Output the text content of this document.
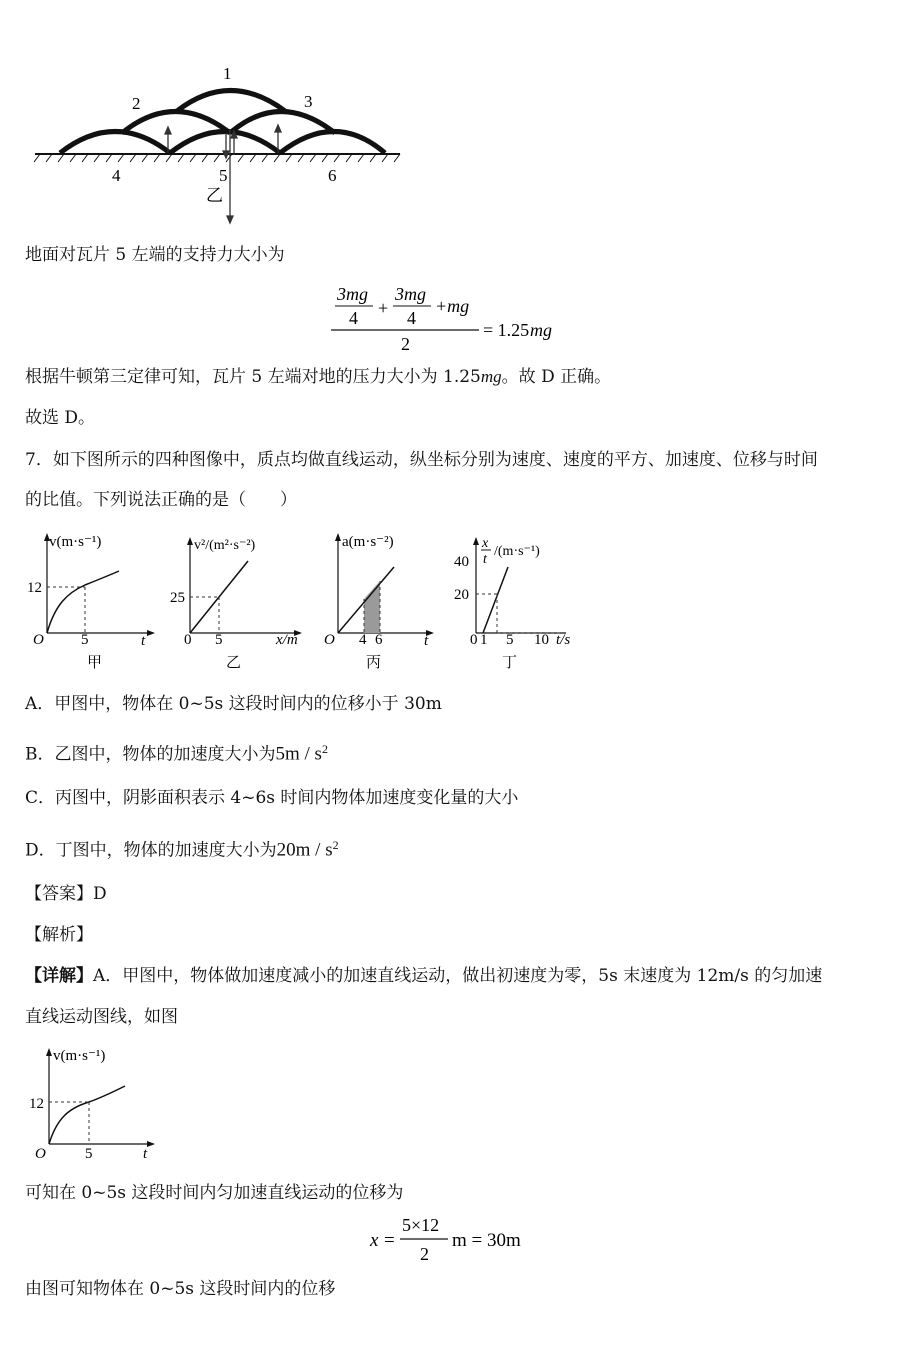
1
2	3
4	5	6
乙
地面对瓦片 5 左端的支持力大小为
3mg
4 +
3mg
4
+mg
2
= 1.25 mg
根据牛顿第三定律可知，瓦片 5 左端对地的压力大小为 1.25mg。故 D 正确。
故选 D。
7．如下图所示的四种图像中，质点均做直线运动，纵坐标分别为速度、速度的平方、加速度、位移与时间
的比值。下列说法正确的是（　　）
v(m·s⁻¹)
12
O 5	t
甲
v²/(m²·s⁻²)
25
0 5	x/m
乙
a(m·s⁻²)
O 4 6	t
丙
x
t
/(m·s⁻¹)
40
20
0 1 5 10 t/s
丁
A．甲图中，物体在 0~5s 这段时间内的位移小于 30m
B．乙图中，物体的加速度大小为$5m / s^2$
C．丙图中，阴影面积表示 4~6s 时间内物体加速度变化量的大小
D．丁图中，物体的加速度大小为$20m / s^2$
【答案】D
【解析】
【详解】A．甲图中，物体做加速度减小的加速直线运动，做出初速度为零，5s 末速度为 12m/s 的匀加速
直线运动图线，如图
v(m·s⁻¹)
12
O	5	t
可知在 0~5s 这段时间内匀加速直线运动的位移为
x =
5×12
2
m = 30m
由图可知物体在 0~5s 这段时间内的位移
